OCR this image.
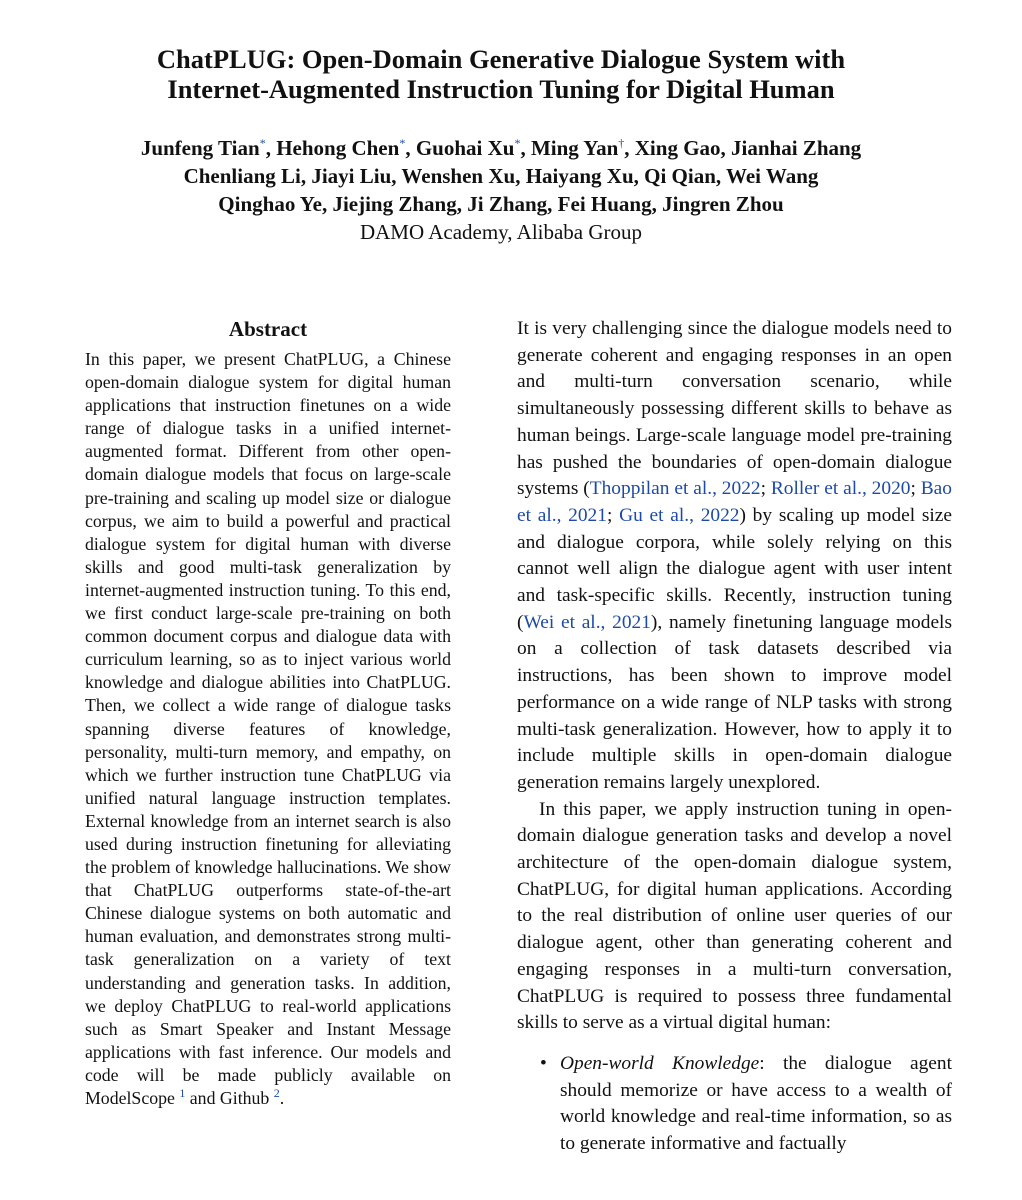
ChatPLUG: Open-Domain Generative Dialogue System with
Internet-Augmented Instruction Tuning for Digital Human
Junfeng Tian*, Hehong Chen*, Guohai Xu*, Ming Yan†, Xing Gao, Jianhai Zhang
Chenliang Li, Jiayi Liu, Wenshen Xu, Haiyang Xu, Qi Qian, Wei Wang
Qinghao Ye, Jiejing Zhang, Ji Zhang, Fei Huang, Jingren Zhou
DAMO Academy, Alibaba Group
Abstract

In this paper, we present ChatPLUG, a Chinese open-domain dialogue system for digital human applications that instruction finetunes on a wide range of dialogue tasks in a unified internet-augmented format. Different from other open-domain dialogue models that focus on large-scale pre-training and scaling up model size or dialogue corpus, we aim to build a powerful and practical dialogue system for digital human with diverse skills and good multi-task generalization by internet-augmented instruction tuning. To this end, we first conduct large-scale pre-training on both common document corpus and dialogue data with curriculum learning, so as to inject various world knowledge and dialogue abilities into ChatPLUG. Then, we collect a wide range of dialogue tasks spanning diverse features of knowledge, personality, multi-turn memory, and empathy, on which we further instruction tune ChatPLUG via unified natural language instruction templates. External knowledge from an internet search is also used during instruction finetuning for alleviating the problem of knowledge hallucinations. We show that ChatPLUG outperforms state-of-the-art Chinese dialogue systems on both automatic and human evaluation, and demonstrates strong multi-task generalization on a variety of text understanding and generation tasks. In addition, we deploy ChatPLUG to real-world applications such as Smart Speaker and Instant Message applications with fast inference. Our models and code will be made publicly available on ModelScope $^1$ and Github $^2$.

It is very challenging since the dialogue models need to generate coherent and engaging responses in an open and multi-turn conversation scenario, while simultaneously possessing different skills to behave as human beings. Large-scale language model pre-training has pushed the boundaries of open-domain dialogue systems (Thoppilan et al., 2022; Roller et al., 2020; Bao et al., 2021; Gu et al., 2022) by scaling up model size and dialogue corpora, while solely relying on this cannot well align the dialogue agent with user intent and task-specific skills. Recently, instruction tuning (Wei et al., 2021), namely finetuning language models on a collection of task datasets described via instructions, has been shown to improve model performance on a wide range of NLP tasks with strong multi-task generalization. However, how to apply it to include multiple skills in open-domain dialogue generation remains largely unexplored.

In this paper, we apply instruction tuning in open-domain dialogue generation tasks and develop a novel architecture of the open-domain dialogue system, ChatPLUG, for digital human applications. According to the real distribution of online user queries of our dialogue agent, other than generating coherent and engaging responses in a multi-turn conversation, ChatPLUG is required to possess three fundamental skills to serve as a virtual digital human:

• Open-world Knowledge: the dialogue agent should memorize or have access to a wealth of world knowledge and real-time information, so as to generate informative and factually
